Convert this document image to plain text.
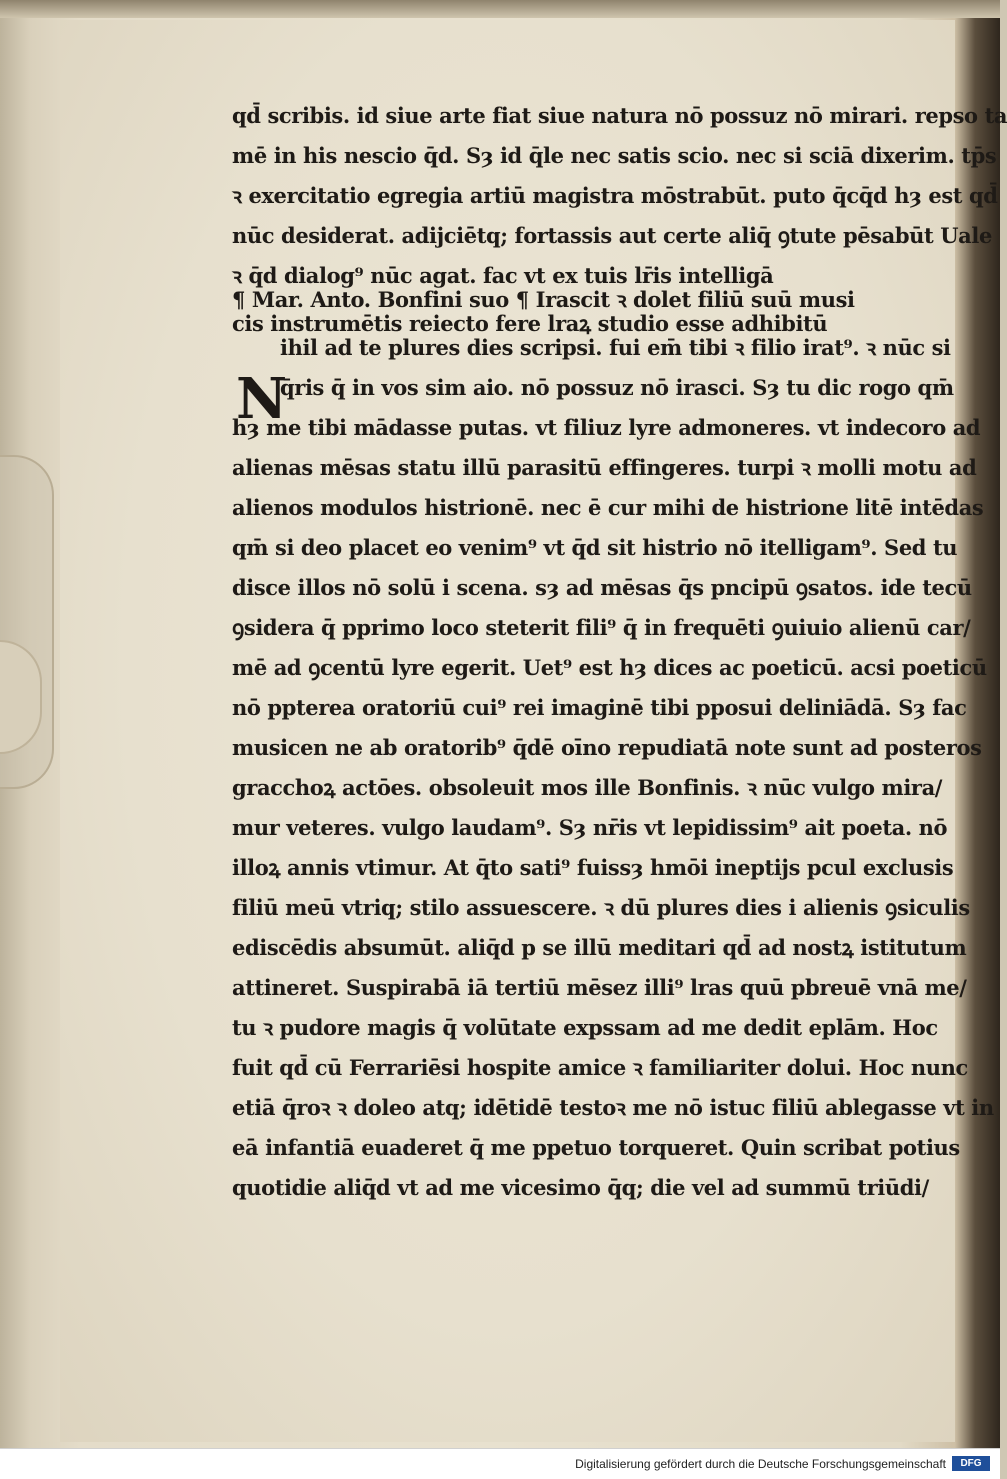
N
qd̄ scribis. id siue arte fiat siue natura nō possuz nō mirari. repso ta
mē in his nescio q̄d. Sȝ id q̄le nec satis scio. nec si sciā dixerim. tp̄s
ꝛ exercitatio egregia artiū magistra mōstrabūt. puto q̄cq̄d hȝ est qd̄
nūc desiderat. adijciētq; fortassis aut certe aliq̄ ꝯtute pēsabūt Uale
ꝛ q̄d dialog⁹ nūc agat. fac vt ex tuis lr̄is intelligā
¶ Mar. Anto. Bonfini suo ¶ Irascit ꝛ dolet filiū suū musi
cis instrumētis reiecto fere lraꝝ studio esse adhibitū
ihil ad te plures dies scripsi. fui em̄ tibi ꝛ filio irat⁹. ꝛ nūc si
q̄ris q̄ in vos sim aio. nō possuz nō irasci. Sȝ tu dic rogo qm̄
hȝ me tibi mādasse putas. vt filiuz lyre admoneres. vt indecoro ad
alienas mēsas statu illū parasitū effingeres. turpi ꝛ molli motu ad
alienos modulos histrionē. nec ē cur mihi de histrione litē intēdas
qm̄ si deo placet eo venim⁹ vt q̄d sit histrio nō itelligam⁹. Sed tu
disce illos nō solū i scena. sȝ ad mēsas q̄s pncipū ꝯsatos. ide tecū
ꝯsidera q̄ pprimo loco steterit fili⁹ q̄ in frequēti ꝯuiuio alienū car/
mē ad ꝯcentū lyre egerit. Uet⁹ est hȝ dices ac poeticū. acsi poeticū
nō ppterea oratoriū cui⁹ rei imaginē tibi pposui deliniādā. Sȝ fac
musicen ne ab oratorib⁹ q̄dē oīno repudiatā note sunt ad posteros
gracchoꝝ actōes. obsoleuit mos ille Bonfinis. ꝛ nūc vulgo mira/
mur veteres. vulgo laudam⁹. Sȝ nr̄is vt lepidissim⁹ ait poeta. nō
illoꝝ annis vtimur. At q̄to sati⁹ fuissȝ hmōi ineptijs pcul exclusis
filiū meū vtriq; stilo assuescere. ꝛ dū plures dies i alienis ꝯsiculis
ediscēdis absumūt. aliq̄d p se illū meditari qd̄ ad nostꝝ istitutum
attineret. Suspirabā iā tertiū mēsez illi⁹ lras quū pbreuē vnā me/
tu ꝛ pudore magis q̄ volūtate expssam ad me dedit eplām. Hoc
fuit qd̄ cū Ferrariēsi hospite amice ꝛ familiariter dolui. Hoc nunc
etiā q̄roꝛ ꝛ doleo atq; idētidē testoꝛ me nō istuc filiū ablegasse vt in
eā infantiā euaderet q̄ me ppetuo torqueret. Quin scribat potius
quotidie aliq̄d vt ad me vicesimo q̄q; die vel ad summū triūdi/
Digitalisierung gefördert durch die Deutsche Forschungsgemeinschaft	DFG
